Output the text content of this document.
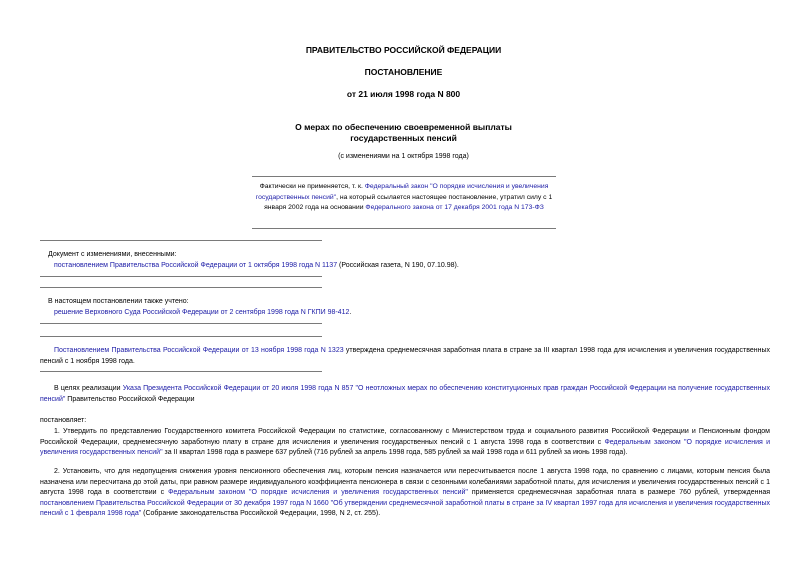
ПРАВИТЕЛЬСТВО РОССИЙСКОЙ ФЕДЕРАЦИИ
ПОСТАНОВЛЕНИЕ
от 21 июля 1998 года N 800
О мерах по обеспечению своевременной выплаты
государственных пенсий
(с изменениями на 1 октября 1998 года)
Фактически не применяется, т. к. Федеральный закон "О порядке исчисления и увеличения государственных пенсий", на который ссылается настоящее постановление, утратил силу с 1 января 2002 года на основании Федерального закона от 17 декабря 2001 года N 173-ФЗ
Документ с изменениями, внесенными:
постановлением Правительства Российской Федерации от 1 октября 1998 года N 1137 (Российская газета, N 190, 07.10.98).
В настоящем постановлении также учтено:
решение Верховного Суда Российской Федерации от 2 сентября 1998 года N ГКПИ 98-412.
Постановлением Правительства Российской Федерации от 13 ноября 1998 года N 1323 утверждена среднемесячная заработная плата в стране за III квартал 1998 года для исчисления и увеличения государственных пенсий с 1 ноября 1998 года.
В целях реализации Указа Президента Российской Федерации от 20 июля 1998 года N 857 "О неотложных мерах по обеспечению конституционных прав граждан Российской Федерации на получение государственных пенсий" Правительство Российской Федерации
постановляет:
1. Утвердить по представлению Государственного комитета Российской Федерации по статистике, согласованному с Министерством труда и социального развития Российской Федерации и Пенсионным фондом Российской Федерации, среднемесячную заработную плату в стране для исчисления и увеличения государственных пенсий с 1 августа 1998 года в соответствии с Федеральным законом "О порядке исчисления и увеличения государственных пенсий" за II квартал 1998 года в размере 637 рублей (716 рублей за апрель 1998 года, 585 рублей за май 1998 года и 611 рублей за июнь 1998 года).
2. Установить, что для недопущения снижения уровня пенсионного обеспечения лиц, которым пенсия назначается или пересчитывается после 1 августа 1998 года, по сравнению с лицами, которым пенсия была назначена или пересчитана до этой даты, при равном размере индивидуального коэффициента пенсионера в связи с сезонными колебаниями заработной платы, для исчисления и увеличения государственных пенсий с 1 августа 1998 года в соответствии с Федеральным законом "О порядке исчисления и увеличения государственных пенсий" применяется среднемесячная заработная плата в размере 760 рублей, утвержденная постановлением Правительства Российской Федерации от 30 декабря 1997 года N 1660 "Об утверждении среднемесячной заработной платы в стране за IV квартал 1997 года для исчисления и увеличения государственных пенсий с 1 февраля 1998 года" (Собрание законодательства Российской Федерации, 1998, N 2, ст. 255).
